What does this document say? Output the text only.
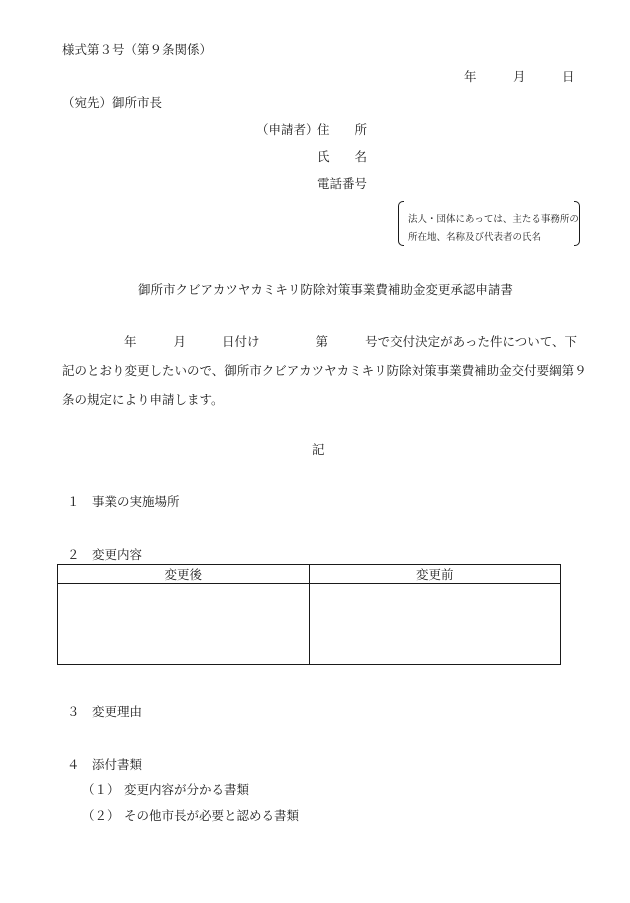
様式第３号（第９条関係）
年	月	日
（宛先）御所市長
（申請者）
住　　所
氏　　名
電話番号
法人・団体にあっては、主たる事務所の
所在地、名称及び代表者の氏名
御所市クビアカツヤカミキリ防除対策事業費補助金変更承認申請書
年	月	日付け	第	号で交付決定があった件について、下
記のとおり変更したいので、御所市クビアカツヤカミキリ防除対策事業費補助金交付要綱第９
条の規定により申請します。
記
１　事業の実施場所
２　変更内容
変更後	変更前

３　変更理由
４　添付書類
（１） 変更内容が分かる書類
（２） その他市長が必要と認める書類
